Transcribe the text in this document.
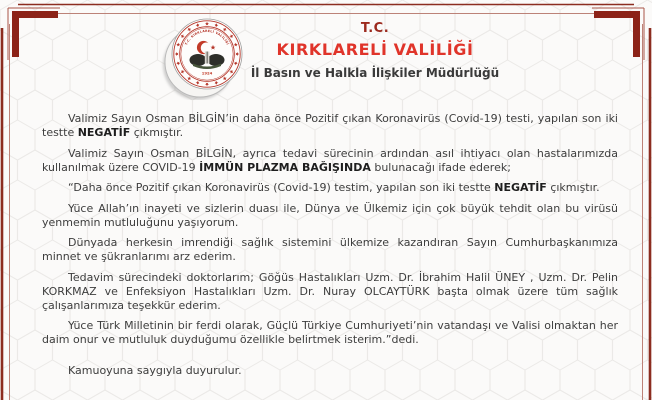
T.C. KIRKLARELİ VALİLİĞİ
1924
T.C.
KIRKLARELİ VALİLİĞİ
İl Basın ve Halkla İlişkiler Müdürlüğü

Valimiz Sayın Osman BİLGİN’in daha önce Pozitif çıkan Koronavirüs (Covid-19) testi, yapılan son iki testte NEGATİF çıkmıştır.

Valimiz Sayın Osman BİLGİN, ayrıca tedavi sürecinin ardından asıl ihtiyacı olan hastalarımızda kullanılmak üzere COVID-19 İMMÜN PLAZMA BAĞIŞINDA bulunacağı ifade ederek;

“Daha önce Pozitif çıkan Koronavirüs (Covid-19) testim, yapılan son iki testte NEGATİF çıkmıştır.

Yüce Allah’ın inayeti ve sizlerin duası ile, Dünya ve Ülkemiz için çok büyük tehdit olan bu virüsü yenmemin mutluluğunu yaşıyorum.

Dünyada herkesin imrendiği sağlık sistemini ülkemize kazandıran Sayın Cumhurbaşkanımıza minnet ve şükranlarımı arz ederim.

Tedavim sürecindeki doktorlarım; Göğüs Hastalıkları Uzm. Dr. İbrahim Halil ÜNEY , Uzm. Dr. Pelin KORKMAZ ve Enfeksiyon Hastalıkları Uzm. Dr. Nuray OLCAYTÜRK başta olmak üzere tüm sağlık çalışanlarımıza teşekkür ederim.

Yüce Türk Milletinin bir ferdi olarak, Güçlü Türkiye Cumhuriyeti’nin vatandaşı ve Valisi olmaktan her daim onur ve mutluluk duyduğumu özellikle belirtmek isterim.”dedi.

Kamuoyuna saygıyla duyurulur.
